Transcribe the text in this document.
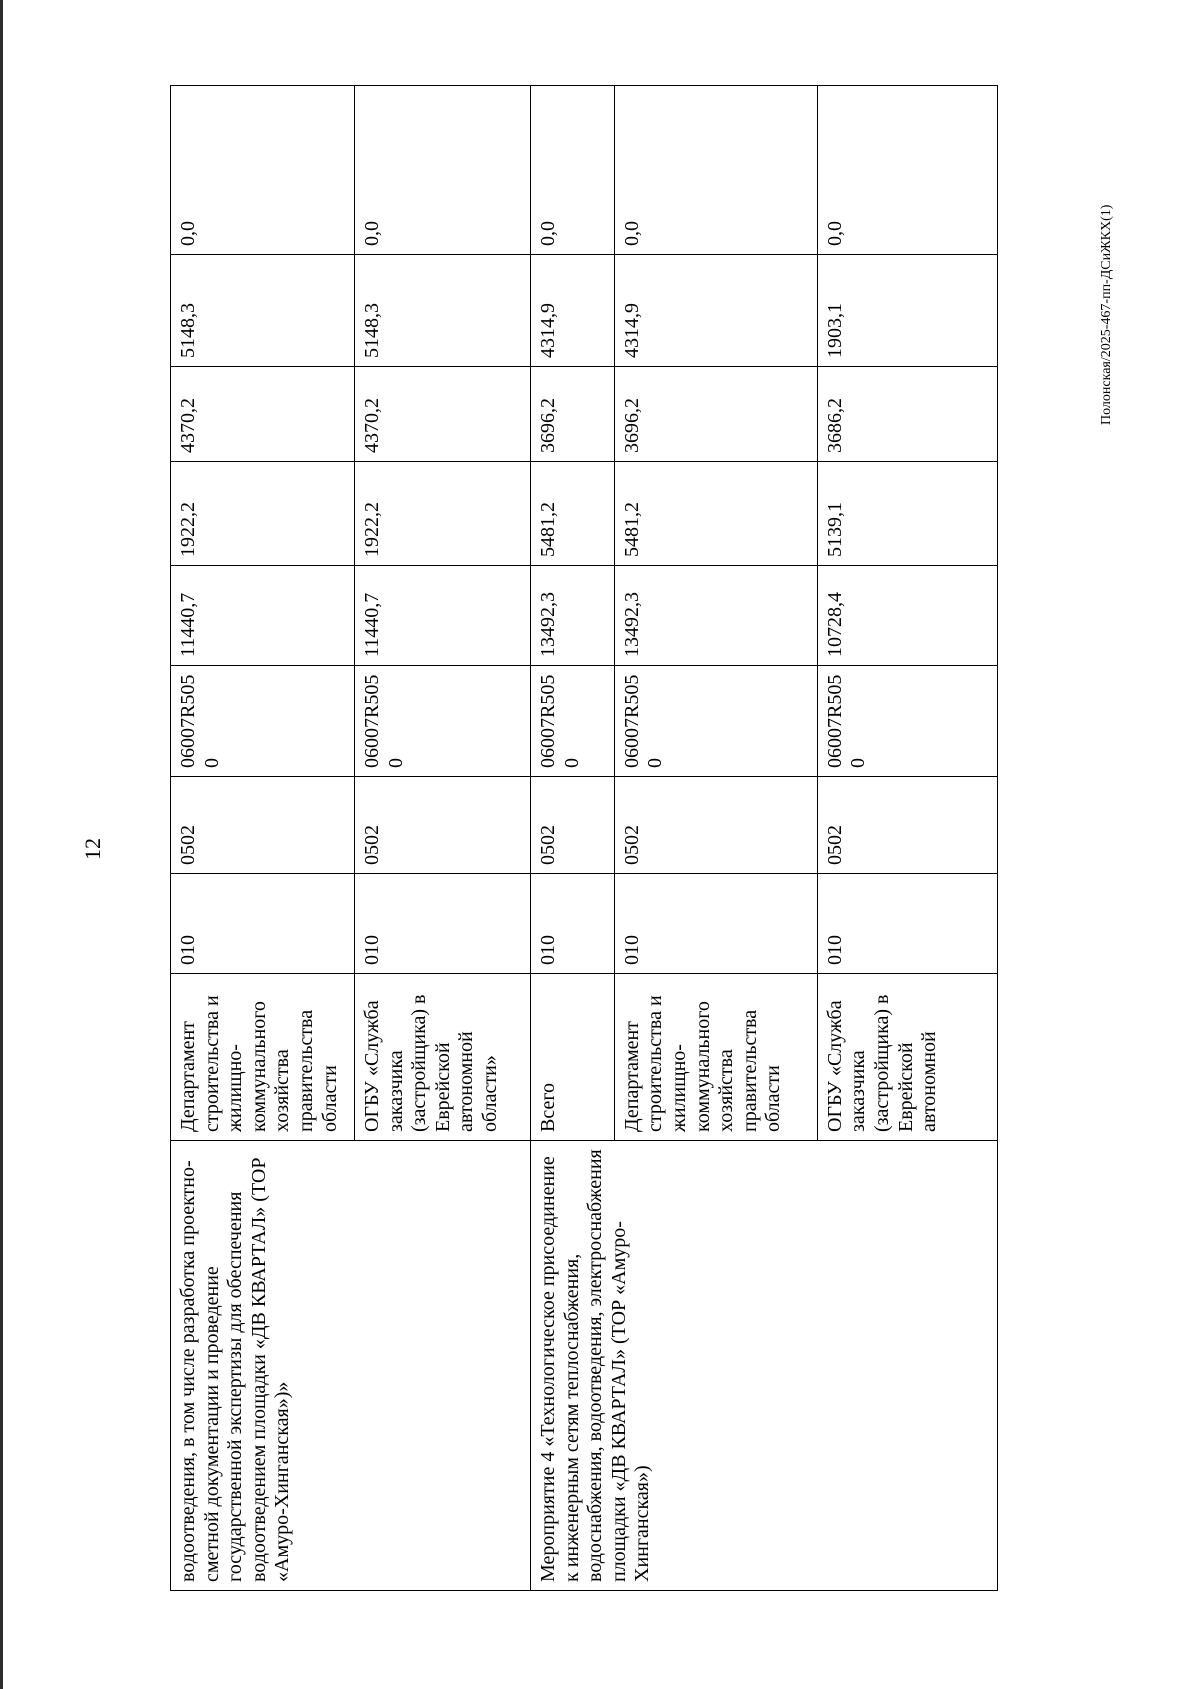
12
Полонская/2025-467-пп-ДСиЖКХ(1)
водоотведения, в том числе разработка проектно-сметной документации и проведение государственной экспертизы для обеспечения водоотведением площадки «ДВ КВАРТАЛ» (ТОР «Амуро-Хинганская»)»	Департамент строительства и жилищно-коммунального хозяйства правительства области	010	0502	06007R505 0	11440,7	1922,2	4370,2	5148,3	0,0	
	ОГБУ «Служба заказчика (застройщика) в Еврейской автономной области»	010	0502	06007R505 0	11440,7	1922,2	4370,2	5148,3	0,0	
Мероприятие 4 «Технологическое присоединение к инженерным сетям теплоснабжения, водоснабжения, водоотведения, электроснабжения площадки «ДВ КВАРТАЛ» (ТОР «Амуро-Хинганская»)	Всего	010	0502	06007R505 0	13492,3	5481,2	3696,2	4314,9	0,0	
	Департамент строительства и жилищно-коммунального хозяйства правительства области	010	0502	06007R505 0	13492,3	5481,2	3696,2	4314,9	0,0	
	ОГБУ «Служба заказчика (застройщика) в Еврейской автономной	010	0502	06007R505 0	10728,4	5139,1	3686,2	1903,1	0,0	
